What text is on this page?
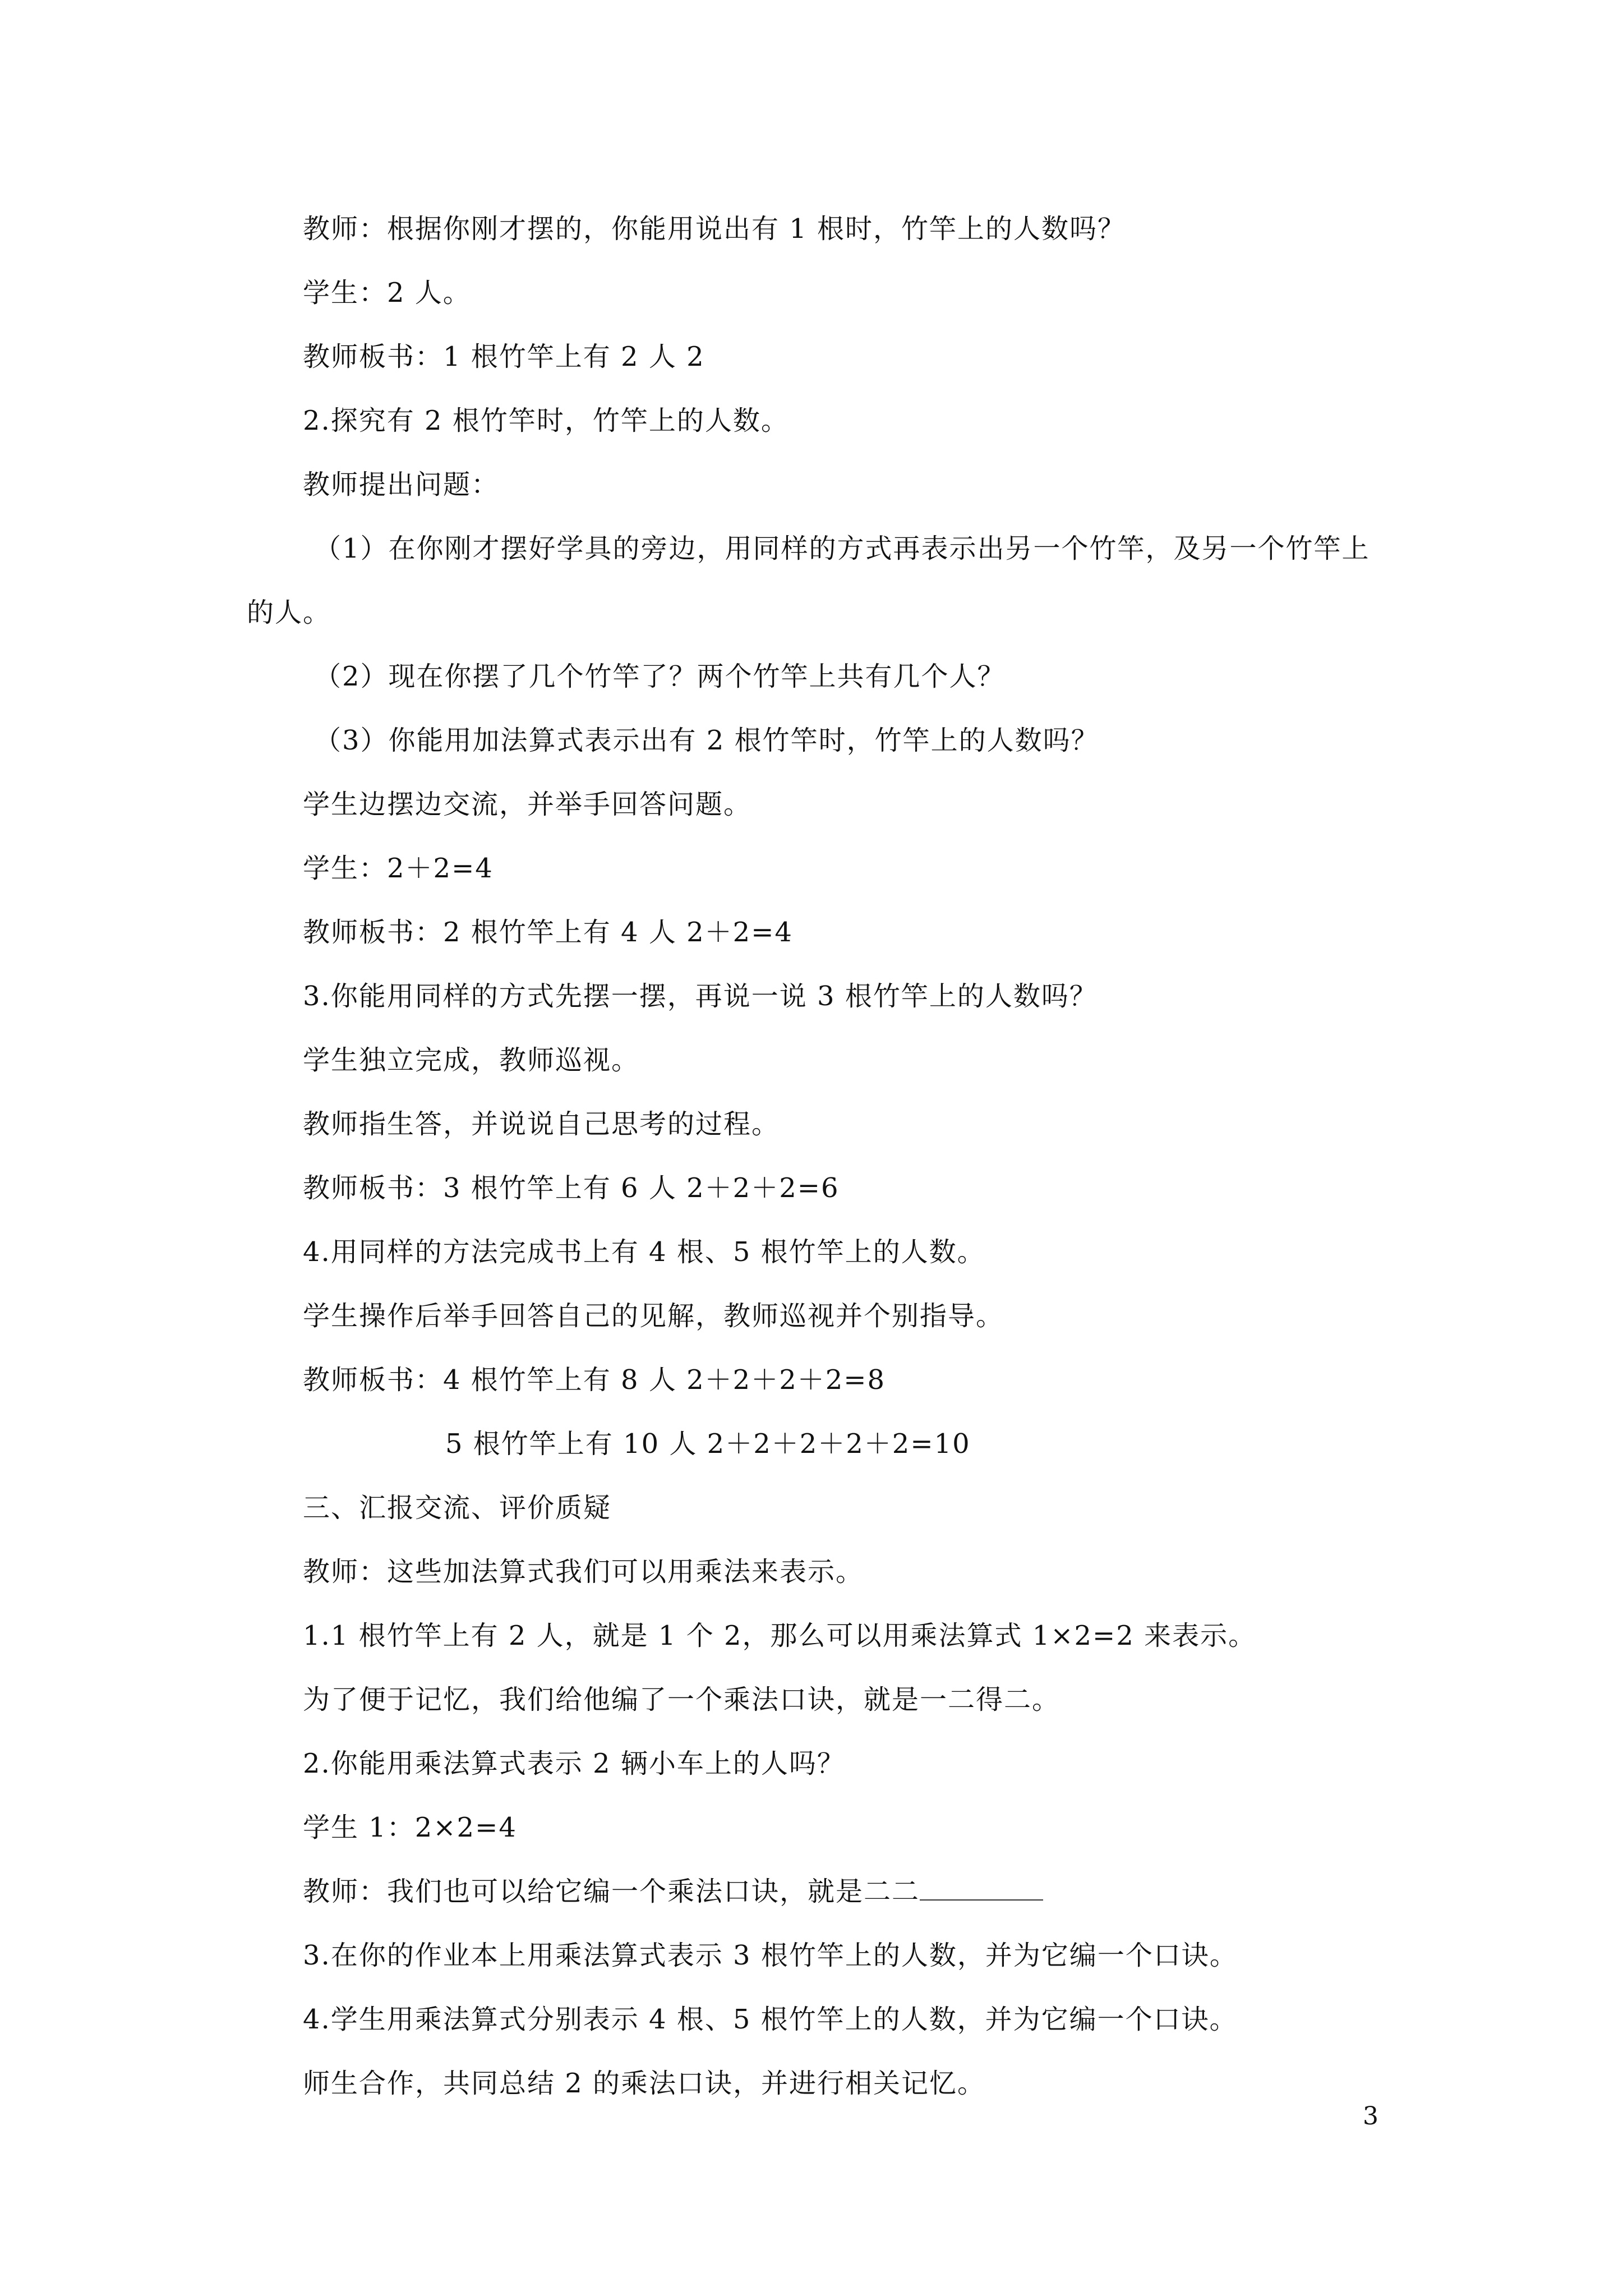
教师：根据你刚才摆的，你能用说出有 1 根时，竹竿上的人数吗？
学生：2 人。
教师板书：1 根竹竿上有 2 人 2
2.探究有 2 根竹竿时，竹竿上的人数。
教师提出问题：
（1）在你刚才摆好学具的旁边，用同样的方式再表示出另一个竹竿，及另一个竹竿上
的人。
（2）现在你摆了几个竹竿了？两个竹竿上共有几个人？
（3）你能用加法算式表示出有 2 根竹竿时，竹竿上的人数吗？
学生边摆边交流，并举手回答问题。
学生：2＋2=4
教师板书：2 根竹竿上有 4 人 2＋2=4
3.你能用同样的方式先摆一摆，再说一说 3 根竹竿上的人数吗？
学生独立完成，教师巡视。
教师指生答，并说说自己思考的过程。
教师板书：3 根竹竿上有 6 人 2＋2＋2=6
4.用同样的方法完成书上有 4 根、5 根竹竿上的人数。
学生操作后举手回答自己的见解，教师巡视并个别指导。
教师板书：4 根竹竿上有 8 人 2＋2＋2＋2=8
5 根竹竿上有 10 人 2＋2＋2＋2＋2=10
三、汇报交流、评价质疑
教师：这些加法算式我们可以用乘法来表示。
1.1 根竹竿上有 2 人，就是 1 个 2，那么可以用乘法算式 1×2=2 来表示。
为了便于记忆，我们给他编了一个乘法口诀，就是一二得二。
2.你能用乘法算式表示 2 辆小车上的人吗？
学生 1：2×2=4
教师：我们也可以给它编一个乘法口诀，就是二二
3.在你的作业本上用乘法算式表示 3 根竹竿上的人数，并为它编一个口诀。
4.学生用乘法算式分别表示 4 根、5 根竹竿上的人数，并为它编一个口诀。
师生合作，共同总结 2 的乘法口诀，并进行相关记忆。
3
